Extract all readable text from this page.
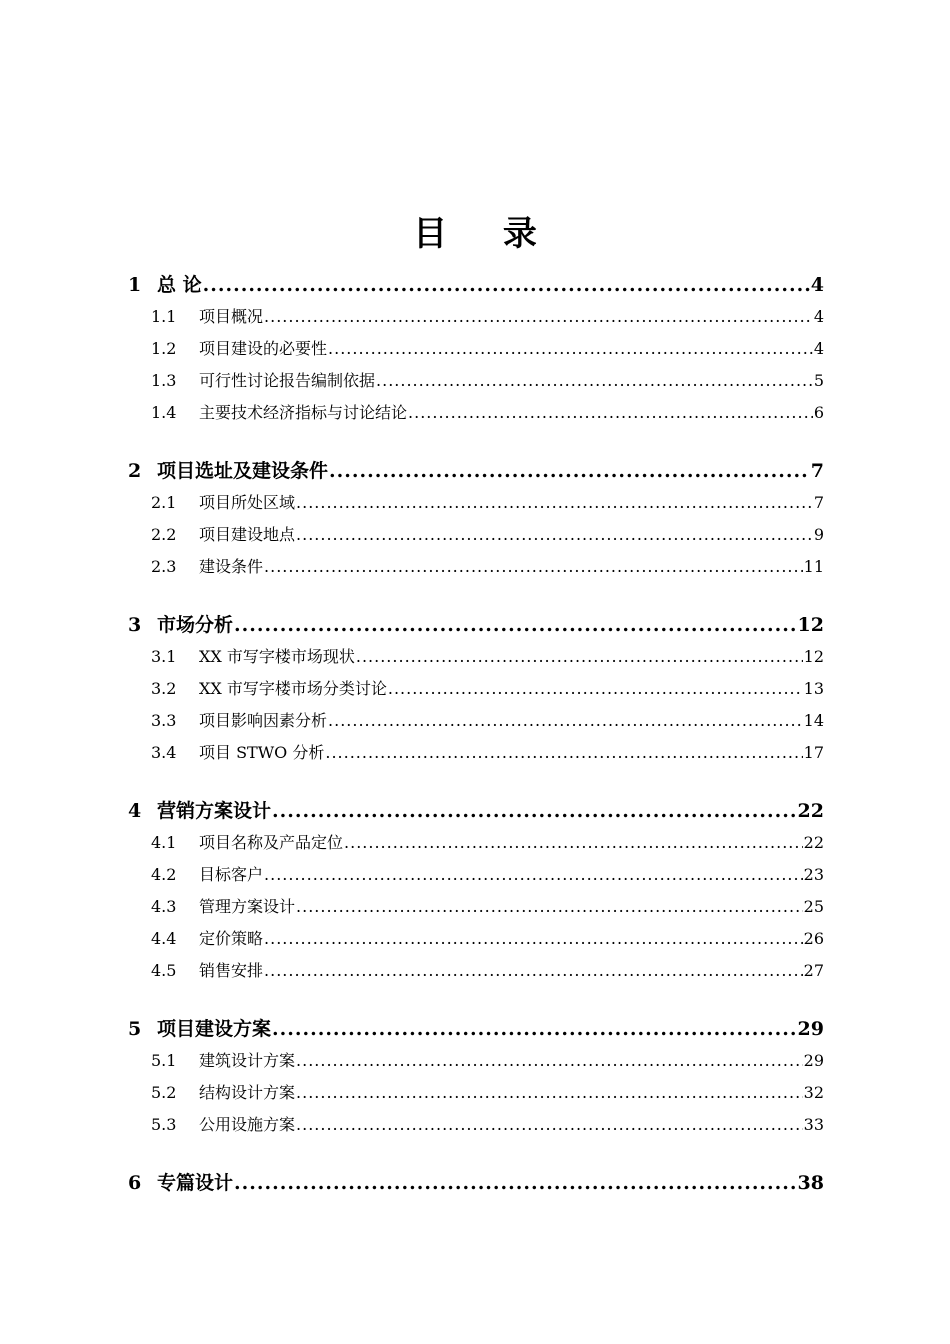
目 录
1 总 论 .....	4
1.1	项目概况 .....	4
1.2	项目建设的必要性 .....	4
1.3	可行性讨论报告编制依据 .....	5
1.4	主要技术经济指标与讨论结论 .....	6
2 项目选址及建设条件 .....	7
2.1	项目所处区域 .....	7
2.2	项目建设地点 .....	9
2.3	建设条件 .....	11
3 市场分析 .....	12
3.1	XX 市写字楼市场现状 .....	12
3.2	XX 市写字楼市场分类讨论 .....	13
3.3	项目影响因素分析 .....	14
3.4	项目 STWO 分析 .....	17
4 营销方案设计 .....	22
4.1	项目名称及产品定位 .....	22
4.2	目标客户 .....	23
4.3	管理方案设计 .....	25
4.4	定价策略 .....	26
4.5	销售安排 .....	27
5 项目建设方案 .....	29
5.1	建筑设计方案 .....	29
5.2	结构设计方案 .....	32
5.3	公用设施方案 .....	33
6 专篇设计 .....	38
